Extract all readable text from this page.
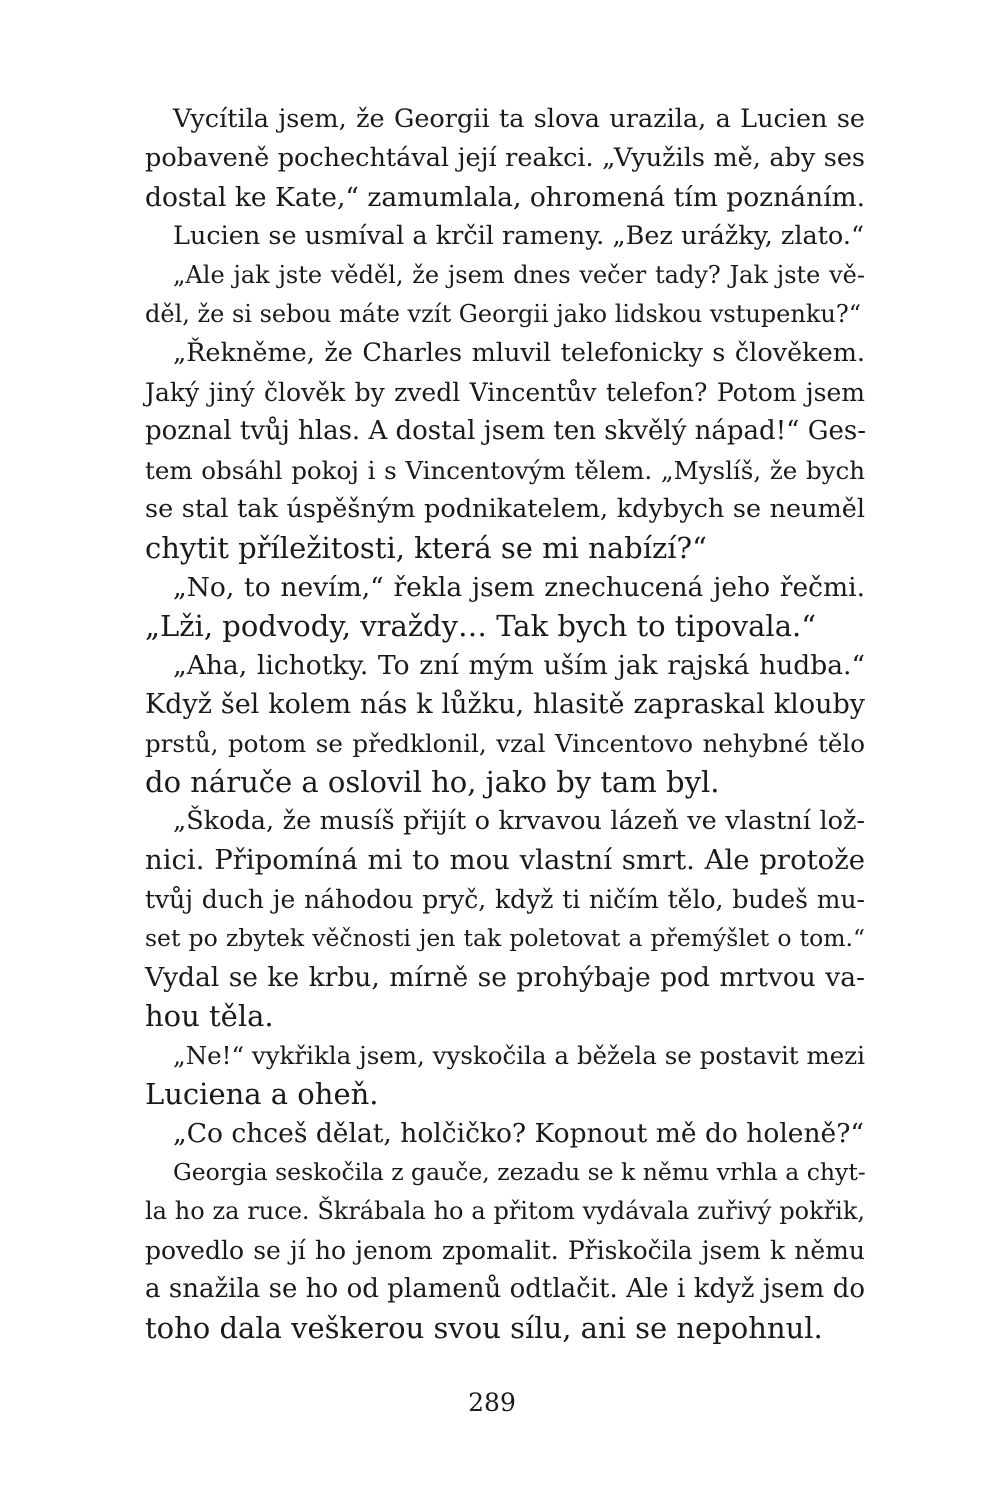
Vycítila jsem, že Georgii ta slova urazila, a Lucien se
pobaveně pochechtával její reakci. „Využils mě, aby ses
dostal ke Kate,“ zamumlala, ohromená tím poznáním.
Lucien se usmíval a krčil rameny. „Bez urážky, zlato.“
„Ale jak jste věděl, že jsem dnes večer tady? Jak jste vě-
děl, že si sebou máte vzít Georgii jako lidskou vstupenku?“
„Řekněme, že Charles mluvil telefonicky s člověkem.
Jaký jiný člověk by zvedl Vincentův telefon? Potom jsem
poznal tvůj hlas. A dostal jsem ten skvělý nápad!“ Ges-
tem obsáhl pokoj i s Vincentovým tělem. „Myslíš, že bych
se stal tak úspěšným podnikatelem, kdybych se neuměl
chytit příležitosti, která se mi nabízí?“
„No, to nevím,“ řekla jsem znechucená jeho řečmi.
„Lži, podvody, vraždy… Tak bych to tipovala.“
„Aha, lichotky. To zní mým uším jak rajská hudba.“
Když šel kolem nás k lůžku, hlasitě zapraskal klouby
prstů, potom se předklonil, vzal Vincentovo nehybné tělo
do náruče a oslovil ho, jako by tam byl.
„Škoda, že musíš přijít o krvavou lázeň ve vlastní lož-
nici. Připomíná mi to mou vlastní smrt. Ale protože
tvůj duch je náhodou pryč, když ti ničím tělo, budeš mu-
set po zbytek věčnosti jen tak poletovat a přemýšlet o tom.“
Vydal se ke krbu, mírně se prohýbaje pod mrtvou va-
hou těla.
„Ne!“ vykřikla jsem, vyskočila a běžela se postavit mezi
Luciena a oheň.
„Co chceš dělat, holčičko? Kopnout mě do holeně?“
Georgia seskočila z gauče, zezadu se k němu vrhla a chyt-
la ho za ruce. Škrábala ho a přitom vydávala zuřivý pokřik,
povedlo se jí ho jenom zpomalit. Přiskočila jsem k němu
a snažila se ho od plamenů odtlačit. Ale i když jsem do
toho dala veškerou svou sílu, ani se nepohnul.
289
